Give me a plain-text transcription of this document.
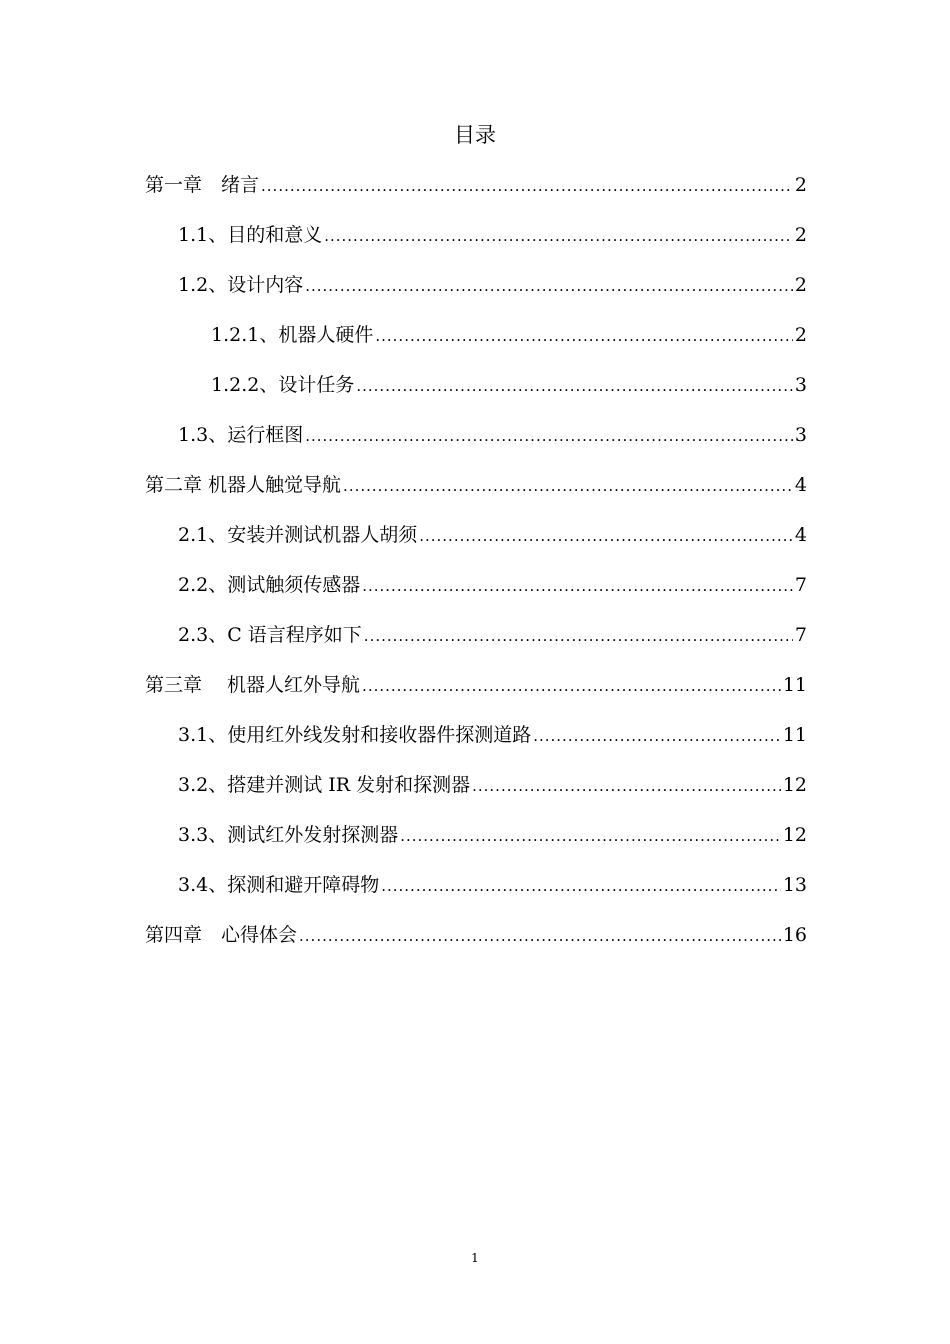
目录
第一章　绪言 .....	2
1.1、目的和意义 .....	2
1.2、设计内容 .....	2
1.2.1、机器人硬件 .....	2
1.2.2、设计任务 .....	3
1.3、运行框图 .....	3
第二章 机器人触觉导航 .....	4
2.1、安装并测试机器人胡须 .....	4
2.2、测试触须传感器 .....	7
2.3、C 语言程序如下 .....	7
第三章　 机器人红外导航 .....	11
3.1、使用红外线发射和接收器件探测道路 .....	11
3.2、搭建并测试 IR 发射和探测器 .....	12
3.3、测试红外发射探测器 .....	12
3.4、探测和避开障碍物 .....	13
第四章　心得体会 .....	16
1
